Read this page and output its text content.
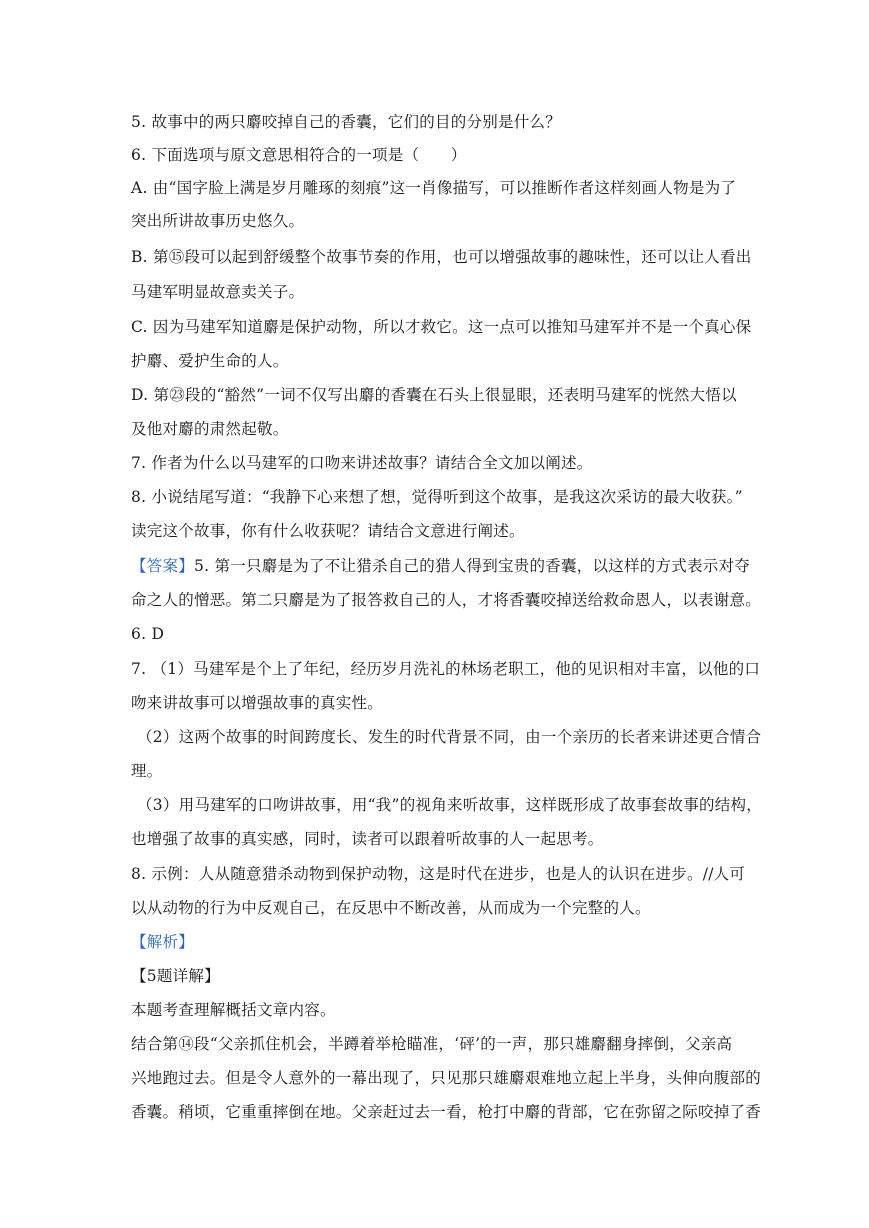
5. 故事中的两只麝咬掉自己的香囊，它们的目的分别是什么？
6. 下面选项与原文意思相符合的一项是（　　）
A. 由“国字脸上满是岁月雕琢的刻痕”这一肖像描写，可以推断作者这样刻画人物是为了
突出所讲故事历史悠久。
B. 第⑮段可以起到舒缓整个故事节奏的作用，也可以增强故事的趣味性，还可以让人看出
马建军明显故意卖关子。
C. 因为马建军知道麝是保护动物，所以才救它。这一点可以推知马建军并不是一个真心保
护麝、爱护生命的人。
D. 第㉓段的“豁然”一词不仅写出麝的香囊在石头上很显眼，还表明马建军的恍然大悟以
及他对麝的肃然起敬。
7. 作者为什么以马建军的口吻来讲述故事？请结合全文加以阐述。
8. 小说结尾写道：“我静下心来想了想，觉得听到这个故事，是我这次采访的最大收获。”
读完这个故事，你有什么收获呢？请结合文意进行阐述。
【答案】5. 第一只麝是为了不让猎杀自己的猎人得到宝贵的香囊，以这样的方式表示对夺
命之人的憎恶。第二只麝是为了报答救自己的人，才将香囊咬掉送给救命恩人，以表谢意。
6. D
7. （1）马建军是个上了年纪，经历岁月洗礼的林场老职工，他的见识相对丰富，以他的口
吻来讲故事可以增强故事的真实性。
（2）这两个故事的时间跨度长、发生的时代背景不同，由一个亲历的长者来讲述更合情合
理。
（3）用马建军的口吻讲故事，用“我”的视角来听故事，这样既形成了故事套故事的结构，
也增强了故事的真实感，同时，读者可以跟着听故事的人一起思考。
8. 示例：人从随意猎杀动物到保护动物，这是时代在进步，也是人的认识在进步。//人可
以从动物的行为中反观自己，在反思中不断改善，从而成为一个完整的人。
【解析】
【5题详解】
本题考查理解概括文章内容。
结合第⑭段“父亲抓住机会，半蹲着举枪瞄准，‘砰’的一声，那只雄麝翻身摔倒，父亲高
兴地跑过去。但是令人意外的一幕出现了，只见那只雄麝艰难地立起上半身，头伸向腹部的
香囊。稍顷，它重重摔倒在地。父亲赶过去一看，枪打中麝的背部，它在弥留之际咬掉了香
